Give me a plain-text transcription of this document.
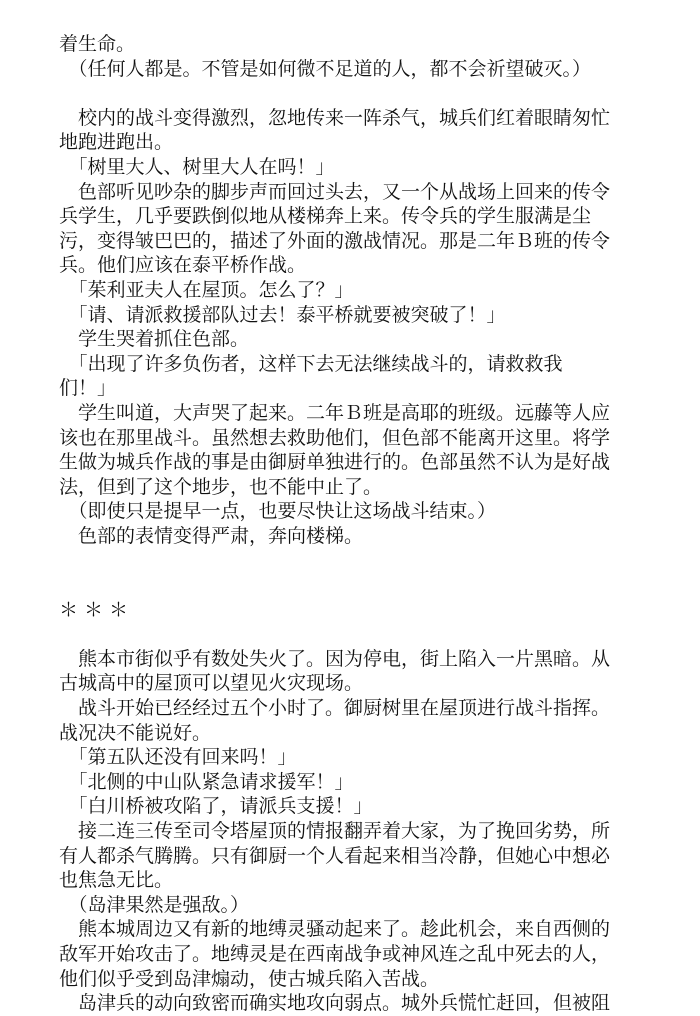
着生命。
　（任何人都是。不管是如何微不足道的人，都不会祈望破灭。）
　校内的战斗变得激烈，忽地传来一阵杀气，城兵们红着眼睛匆忙
地跑进跑出。
　「树里大人、树里大人在吗！」
　色部听见吵杂的脚步声而回过头去，又一个从战场上回来的传令
兵学生，几乎要跌倒似地从楼梯奔上来。传令兵的学生服满是尘
污，变得皱巴巴的，描述了外面的激战情况。那是二年Ｂ班的传令
兵。他们应该在泰平桥作战。
　「茱利亚夫人在屋顶。怎么了？」
　「请、请派救援部队过去！泰平桥就要被突破了！」
　学生哭着抓住色部。
　「出现了许多负伤者，这样下去无法继续战斗的，请救救我
们！」
　学生叫道，大声哭了起来。二年Ｂ班是高耶的班级。远藤等人应
该也在那里战斗。虽然想去救助他们，但色部不能离开这里。将学
生做为城兵作战的事是由御厨单独进行的。色部虽然不认为是好战
法，但到了这个地步，也不能中止了。
　（即使只是提早一点，也要尽快让这场战斗结束。）
　色部的表情变得严肃，奔向楼梯。
＊＊＊
　熊本市街似乎有数处失火了。因为停电，街上陷入一片黑暗。从
古城高中的屋顶可以望见火灾现场。
　战斗开始已经经过五个小时了。御厨树里在屋顶进行战斗指挥。
战况决不能说好。
　「第五队还没有回来吗！」
　「北侧的中山队紧急请求援军！」
　「白川桥被攻陷了，请派兵支援！」
　接二连三传至司令塔屋顶的情报翻弄着大家，为了挽回劣势，所
有人都杀气腾腾。只有御厨一个人看起来相当冷静，但她心中想必
也焦急无比。
　（岛津果然是强敌。）
　熊本城周边又有新的地缚灵骚动起来了。趁此机会，来自西侧的
敌军开始攻击了。地缚灵是在西南战争或神风连之乱中死去的人，
他们似乎受到岛津煽动，使古城兵陷入苦战。
　岛津兵的动向致密而确实地攻向弱点。城外兵慌忙赶回，但被阻
